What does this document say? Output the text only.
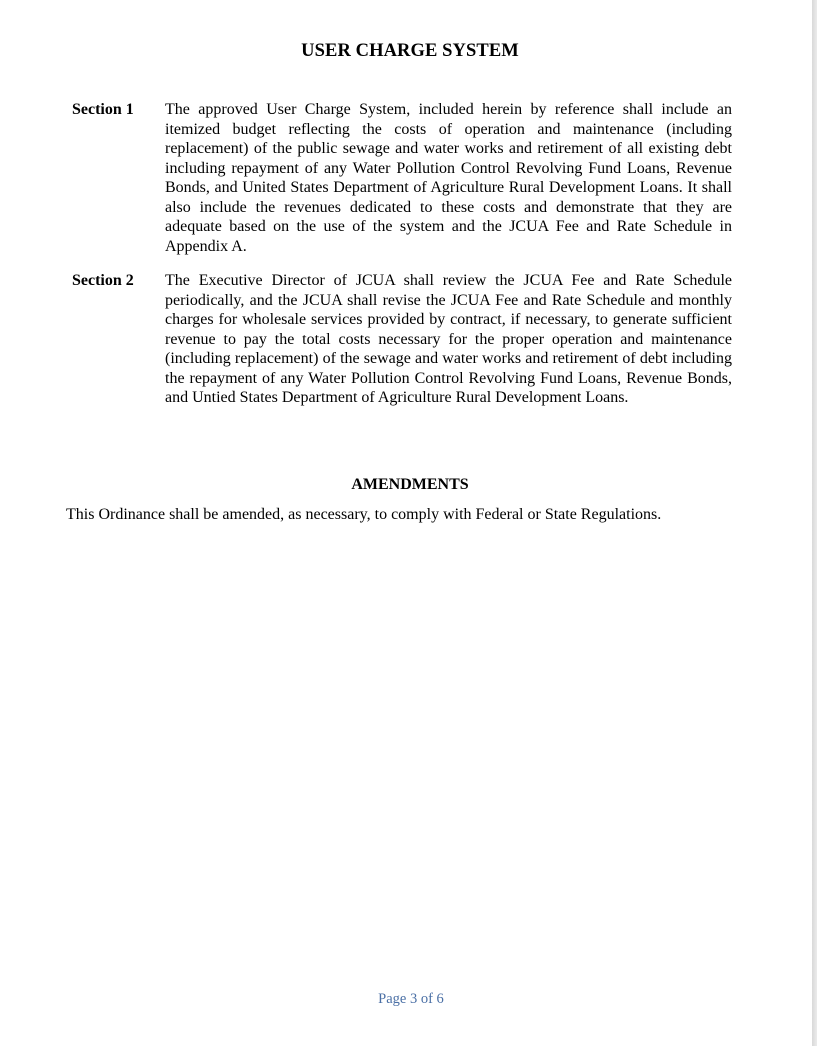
USER CHARGE SYSTEM
Section 1 The approved User Charge System, included herein by reference shall include an itemized budget reflecting the costs of operation and maintenance (including replacement) of the public sewage and water works and retirement of all existing debt including repayment of any Water Pollution Control Revolving Fund Loans, Revenue Bonds, and United States Department of Agriculture Rural Development Loans. It shall also include the revenues dedicated to these costs and demonstrate that they are adequate based on the use of the system and the JCUA Fee and Rate Schedule in Appendix A.
Section 2 The Executive Director of JCUA shall review the JCUA Fee and Rate Schedule periodically, and the JCUA shall revise the JCUA Fee and Rate Schedule and monthly charges for wholesale services provided by contract, if necessary, to generate sufficient revenue to pay the total costs necessary for the proper operation and maintenance (including replacement) of the sewage and water works and retirement of debt including the repayment of any Water Pollution Control Revolving Fund Loans, Revenue Bonds, and Untied States Department of Agriculture Rural Development Loans.
AMENDMENTS
This Ordinance shall be amended, as necessary, to comply with Federal or State Regulations.
Page 3 of 6
